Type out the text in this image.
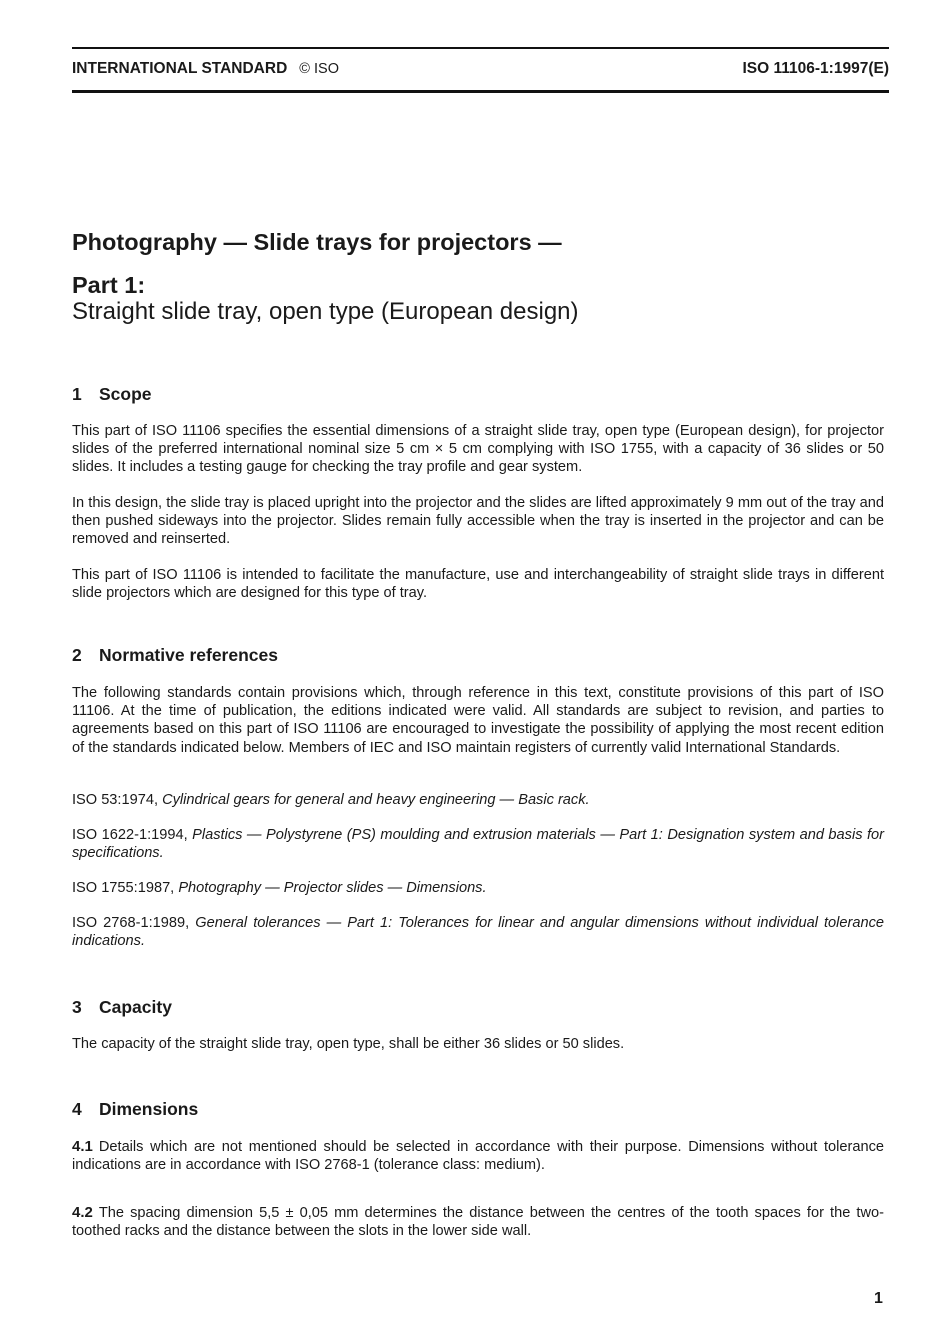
INTERNATIONAL STANDARD © ISO	ISO 11106-1:1997(E)
Photography — Slide trays for projectors —
Part 1:
Straight slide tray, open type (European design)
1 Scope
This part of ISO 11106 specifies the essential dimensions of a straight slide tray, open type (European design), for projector slides of the preferred international nominal size 5 cm × 5 cm complying with ISO 1755, with a capacity of 36 slides or 50 slides. It includes a testing gauge for checking the tray profile and gear system.
In this design, the slide tray is placed upright into the projector and the slides are lifted approximately 9 mm out of the tray and then pushed sideways into the projector. Slides remain fully accessible when the tray is inserted in the projector and can be removed and reinserted.
This part of ISO 11106 is intended to facilitate the manufacture, use and interchangeability of straight slide trays in different slide projectors which are designed for this type of tray.
2 Normative references
The following standards contain provisions which, through reference in this text, constitute provisions of this part of ISO 11106. At the time of publication, the editions indicated were valid. All standards are subject to revision, and parties to agreements based on this part of ISO 11106 are encouraged to investigate the possibility of applying the most recent edition of the standards indicated below. Members of IEC and ISO maintain registers of currently valid International Standards.
ISO 53:1974, Cylindrical gears for general and heavy engineering — Basic rack.
ISO 1622-1:1994, Plastics — Polystyrene (PS) moulding and extrusion materials — Part 1: Designation system and basis for specifications.
ISO 1755:1987, Photography — Projector slides — Dimensions.
ISO 2768-1:1989, General tolerances — Part 1: Tolerances for linear and angular dimensions without individual tolerance indications.
3 Capacity
The capacity of the straight slide tray, open type, shall be either 36 slides or 50 slides.
4 Dimensions
4.1 Details which are not mentioned should be selected in accordance with their purpose. Dimensions without tolerance indications are in accordance with ISO 2768-1 (tolerance class: medium).
4.2 The spacing dimension 5,5 ± 0,05 mm determines the distance between the centres of the tooth spaces for the two-toothed racks and the distance between the slots in the lower side wall.
1
